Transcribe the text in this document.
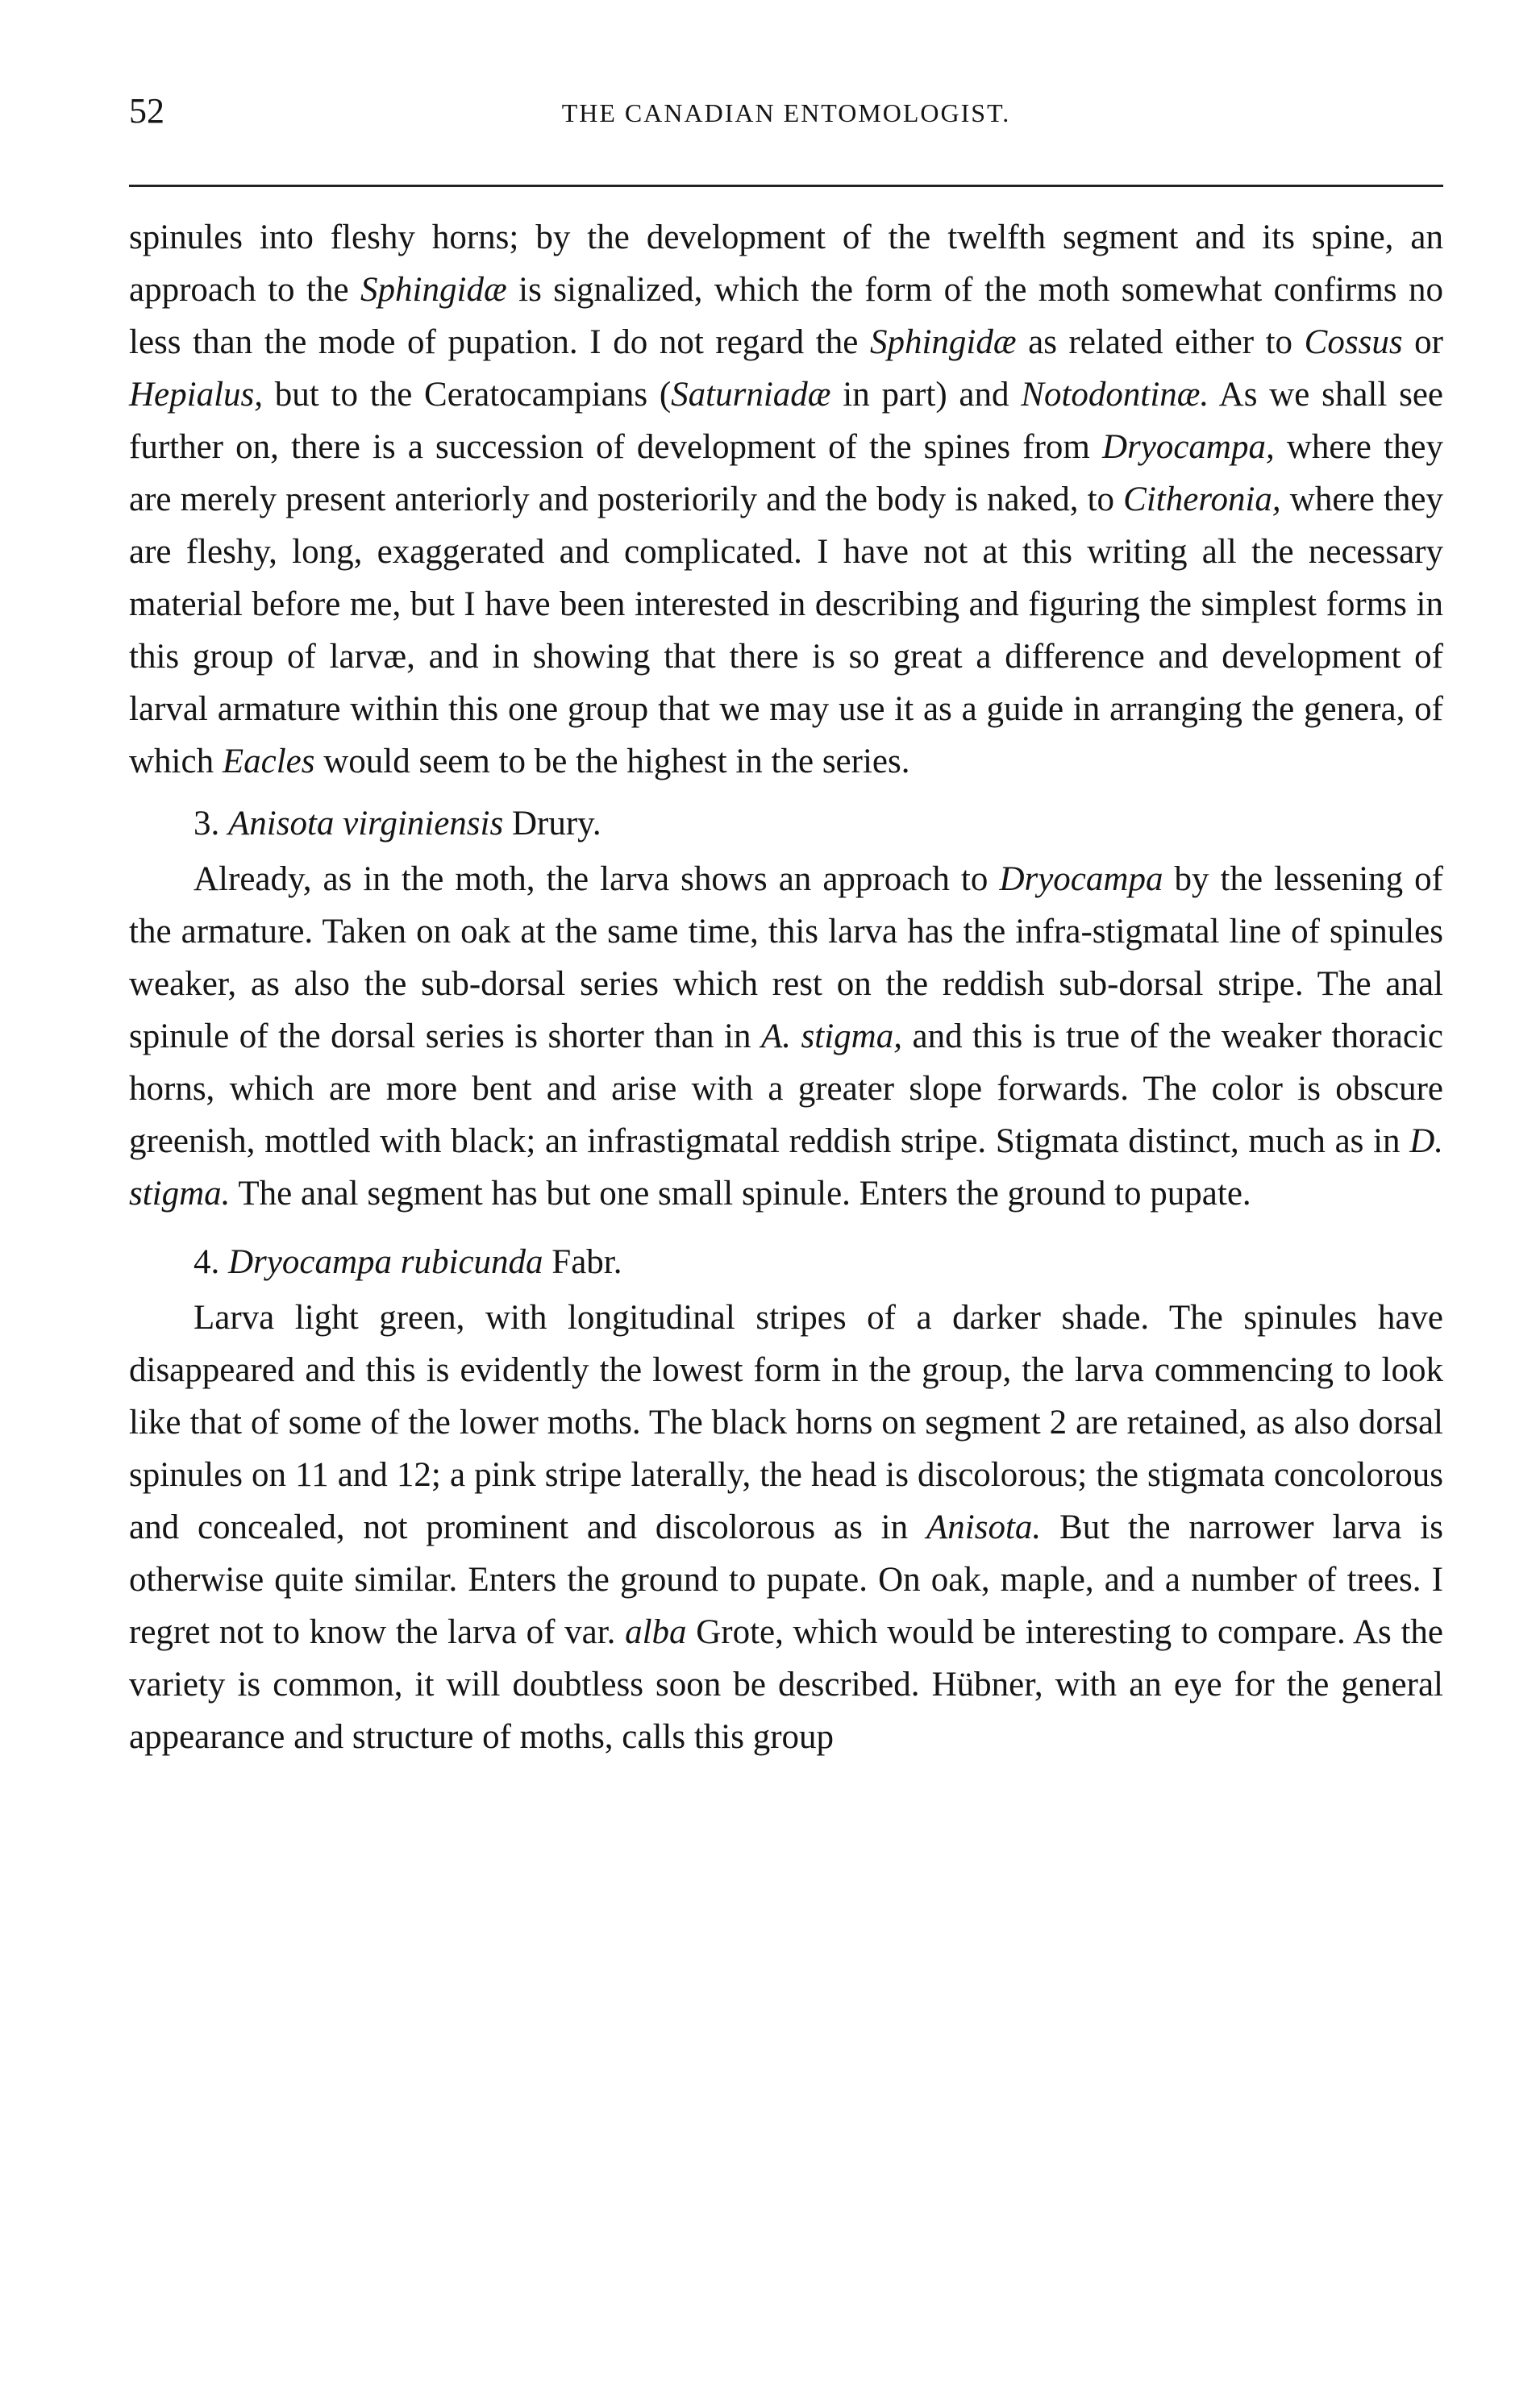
52	THE CANADIAN ENTOMOLOGIST.

spinules into fleshy horns; by the development of the twelfth segment and its spine, an approach to the Sphingidæ is signalized, which the form of the moth somewhat confirms no less than the mode of pupation. I do not regard the Sphingidæ as related either to Cossus or Hepialus, but to the Ceratocampians (Saturniadæ in part) and Notodontinæ. As we shall see further on, there is a succession of development of the spines from Dryocampa, where they are merely present anteriorly and posteriorily and the body is naked, to Citheronia, where they are fleshy, long, exaggerated and complicated. I have not at this writing all the necessary material before me, but I have been interested in describing and figuring the simplest forms in this group of larvæ, and in showing that there is so great a difference and development of larval armature within this one group that we may use it as a guide in arranging the genera, of which Eacles would seem to be the highest in the series.

3. Anisota virginiensis Drury.

Already, as in the moth, the larva shows an approach to Dryocampa by the lessening of the armature. Taken on oak at the same time, this larva has the infra-stigmatal line of spinules weaker, as also the sub-dorsal series which rest on the reddish sub-dorsal stripe. The anal spinule of the dorsal series is shorter than in A. stigma, and this is true of the weaker thoracic horns, which are more bent and arise with a greater slope forwards. The color is obscure greenish, mottled with black; an infrastigmatal reddish stripe. Stigmata distinct, much as in D. stigma. The anal segment has but one small spinule. Enters the ground to pupate.

4. Dryocampa rubicunda Fabr.

Larva light green, with longitudinal stripes of a darker shade. The spinules have disappeared and this is evidently the lowest form in the group, the larva commencing to look like that of some of the lower moths. The black horns on segment 2 are retained, as also dorsal spinules on 11 and 12; a pink stripe laterally, the head is discolorous; the stigmata concolorous and concealed, not prominent and discolorous as in Anisota. But the narrower larva is otherwise quite similar. Enters the ground to pupate. On oak, maple, and a number of trees. I regret not to know the larva of var. alba Grote, which would be interesting to compare. As the variety is common, it will doubtless soon be described. Hübner, with an eye for the general appearance and structure of moths, calls this group
